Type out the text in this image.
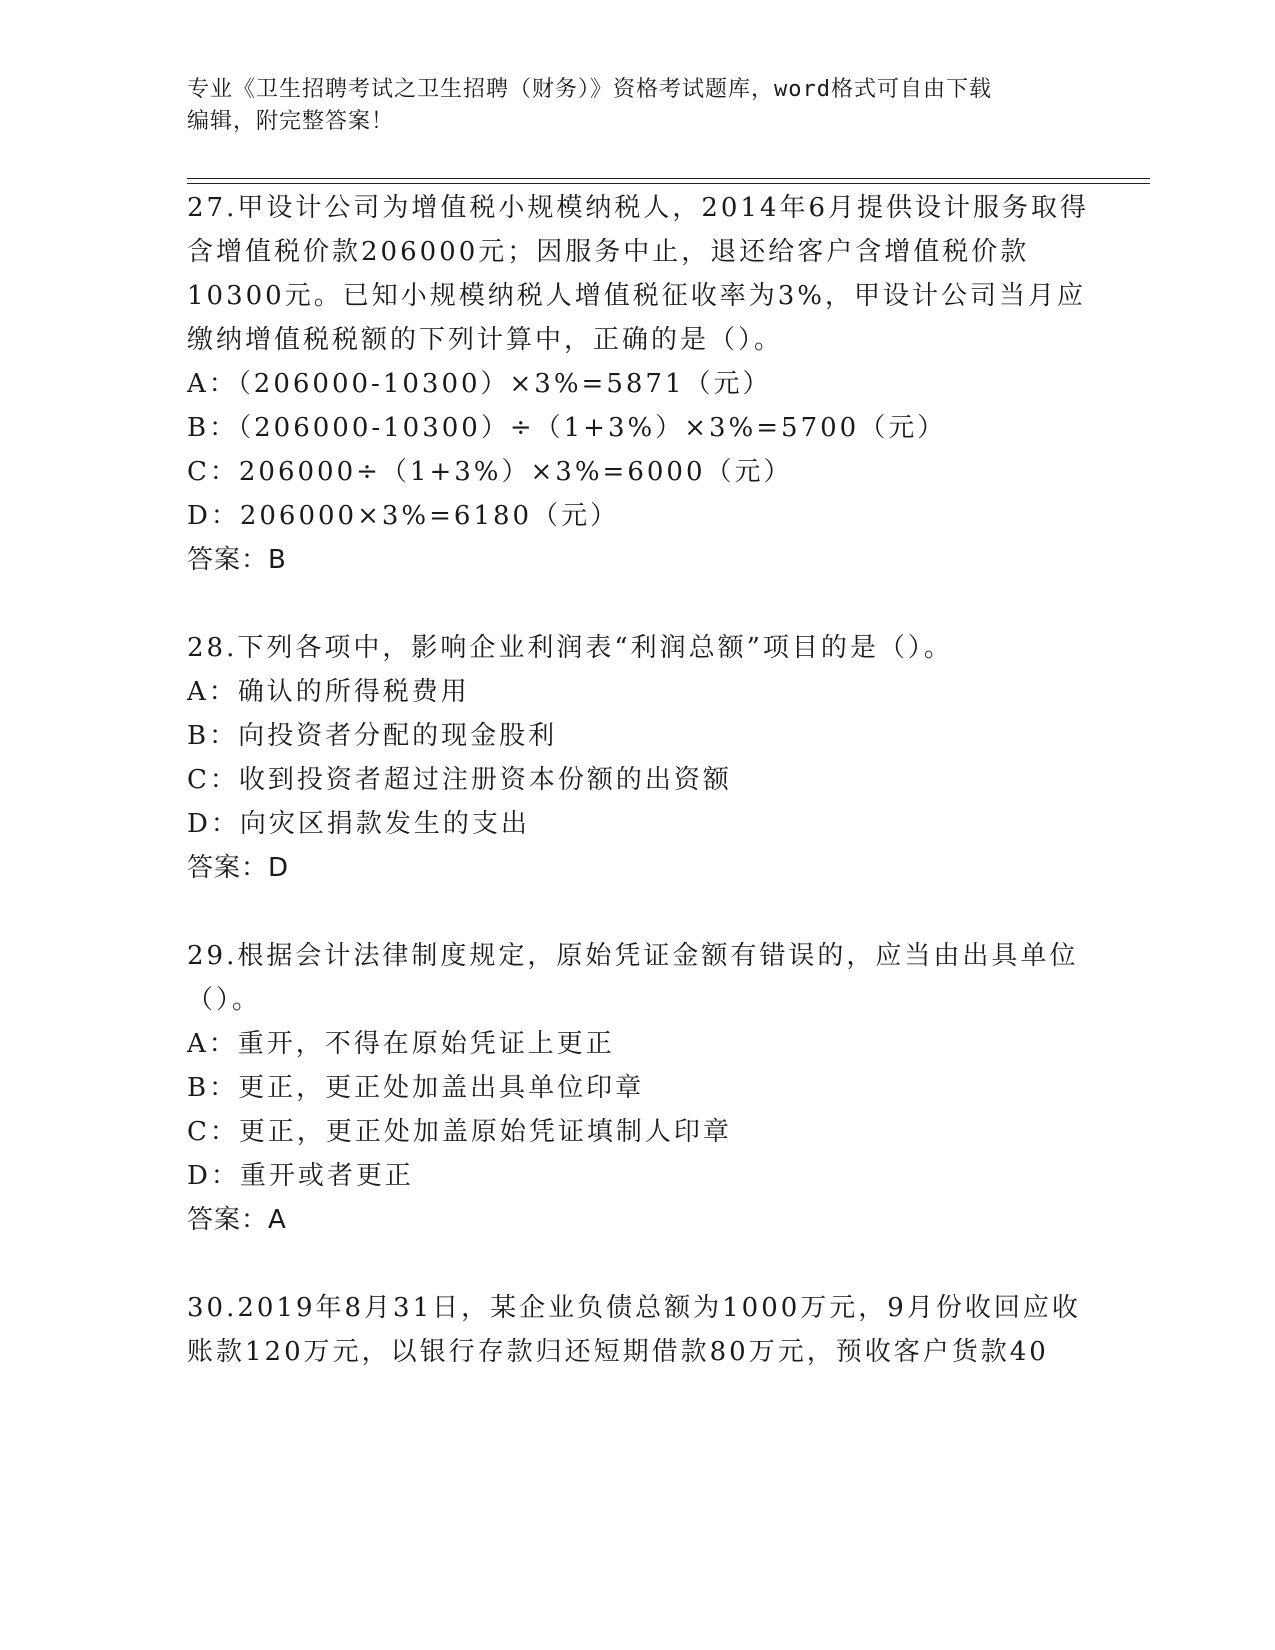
专业《卫生招聘考试之卫生招聘（财务）》资格考试题库，word格式可自由下载
编辑，附完整答案！
27.甲设计公司为增值税小规模纳税人，2014年6月提供设计服务取得
含增值税价款206000元；因服务中止，退还给客户含增值税价款
10300元。已知小规模纳税人增值税征收率为3%，甲设计公司当月应
缴纳增值税税额的下列计算中，正确的是（）。
A：（206000-10300）×3%=5871（元）
B：（206000-10300）÷（1+3%）×3%=5700（元）
C：206000÷（1+3%）×3%=6000（元）
D：206000×3%=6180（元）
答案：B
28.下列各项中，影响企业利润表“利润总额”项目的是（）。
A：确认的所得税费用
B：向投资者分配的现金股利
C：收到投资者超过注册资本份额的出资额
D：向灾区捐款发生的支出
答案：D
29.根据会计法律制度规定，原始凭证金额有错误的，应当由出具单位
（）。
A：重开，不得在原始凭证上更正
B：更正，更正处加盖出具单位印章
C：更正，更正处加盖原始凭证填制人印章
D：重开或者更正
答案：A
30.2019年8月31日，某企业负债总额为1000万元，9月份收回应收
账款120万元，以银行存款归还短期借款80万元，预收客户货款40
